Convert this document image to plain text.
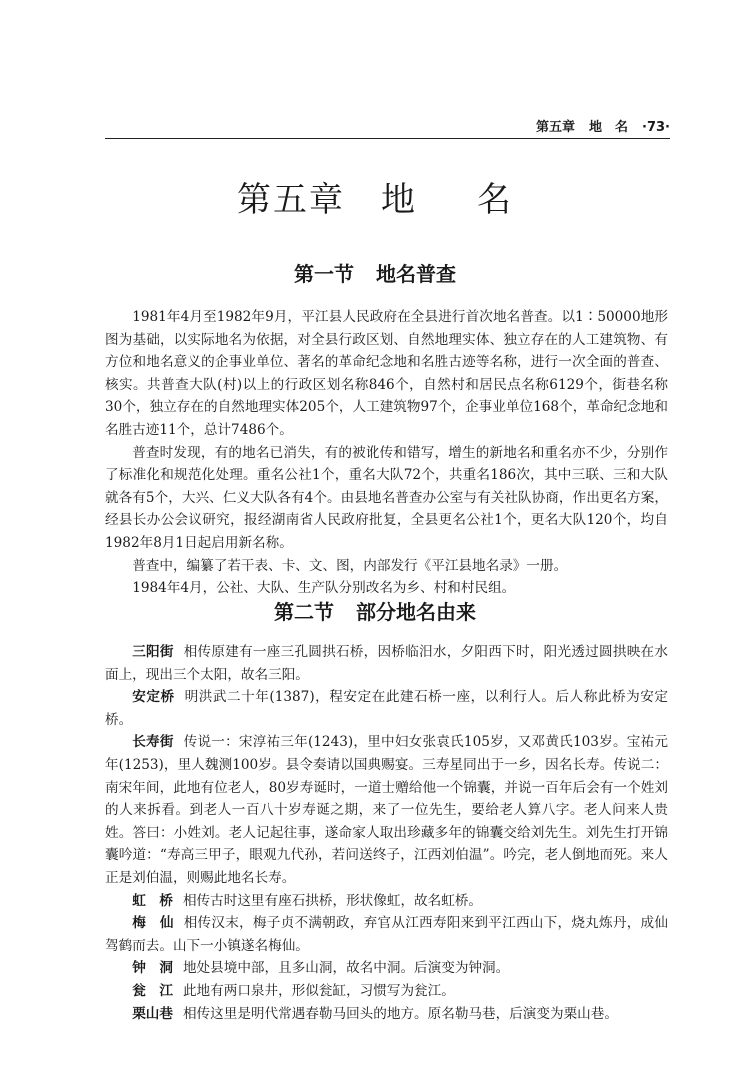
第五章 地　名 ·73·
第五章　地 名
第一节 地名普查

1981年4月至1982年9月，平江县人民政府在全县进行首次地名普查。以1∶50000地形图为基础，以实际地名为依据，对全县行政区划、自然地理实体、独立存在的人工建筑物、有方位和地名意义的企事业单位、著名的革命纪念地和名胜古迹等名称，进行一次全面的普查、核实。共普查大队(村)以上的行政区划名称846个，自然村和居民点名称6129个，街巷名称30个，独立存在的自然地理实体205个，人工建筑物97个，企事业单位168个，革命纪念地和名胜古迹11个，总计7486个。

普查时发现，有的地名已消失，有的被讹传和错写，增生的新地名和重名亦不少，分别作了标准化和规范化处理。重名公社1个，重名大队72个，共重名186次，其中三联、三和大队就各有5个，大兴、仁义大队各有4个。由县地名普查办公室与有关社队协商，作出更名方案，经县长办公会议研究，报经湖南省人民政府批复，全县更名公社1个，更名大队120个，均自1982年8月1日起启用新名称。

普查中，编纂了若干表、卡、文、图，内部发行《平江县地名录》一册。

1984年4月，公社、大队、生产队分别改名为乡、村和村民组。

第二节 部分地名由来

三阳街 相传原建有一座三孔圆拱石桥，因桥临汨水，夕阳西下时，阳光透过圆拱映在水面上，现出三个太阳，故名三阳。

安定桥 明洪武二十年(1387)，程安定在此建石桥一座，以利行人。后人称此桥为安定桥。

长寿街 传说一：宋淳祐三年(1243)，里中妇女张袁氏105岁，又邓黄氏103岁。宝祐元年(1253)，里人魏测100岁。县令奏请以国典赐宴。三寿星同出于一乡，因名长寿。传说二：南宋年间，此地有位老人，80岁寿诞时，一道士赠给他一个锦囊，并说一百年后会有一个姓刘的人来拆看。到老人一百八十岁寿诞之期，来了一位先生，要给老人算八字。老人问来人贵姓。答曰：小姓刘。老人记起往事，遂命家人取出珍藏多年的锦囊交给刘先生。刘先生打开锦囊吟道：“寿高三甲子，眼观九代孙，若问送终子，江西刘伯温”。吟完，老人倒地而死。来人正是刘伯温，则赐此地名长寿。

虹　桥 相传古时这里有座石拱桥，形状像虹，故名虹桥。

梅　仙 相传汉末，梅子贞不满朝政，弃官从江西寿阳来到平江西山下，烧丸炼丹，成仙驾鹤而去。山下一小镇遂名梅仙。

钟　洞 地处县境中部，且多山洞，故名中洞。后演变为钟洞。

瓮　江 此地有两口泉井，形似瓮缸，习惯写为瓮江。

栗山巷 相传这里是明代常遇春勒马回头的地方。原名勒马巷，后演变为栗山巷。
